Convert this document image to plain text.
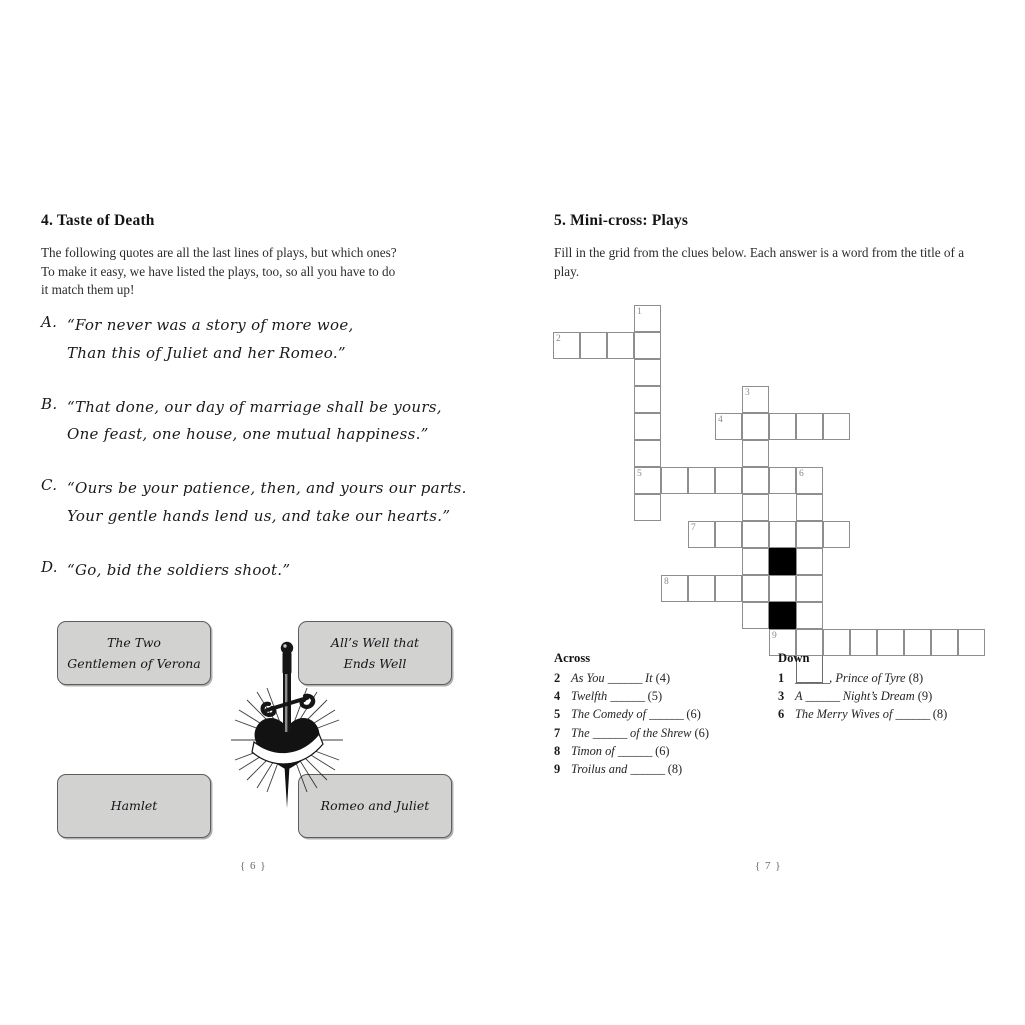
4. Taste of Death

The following quotes are all the last lines of plays, but which ones? To make it easy, we have listed the plays, too, so all you have to do it match them up!

A. “For never was a story of more woe,
Than this of Juliet and her Romeo.”
B. “That done, our day of marriage shall be yours,
One feast, one house, one mutual happiness.”
C. “Ours be your patience, then, and yours our parts.
Your gentle hands lend us, and take our hearts.”
D. “Go, bid the soldiers shoot.”
The Two
Gentlemen of Verona
All’s Well that
Ends Well
Hamlet	Romeo and Juliet
{ 6 }
5. Mini-cross: Plays

Fill in the grid from the clues below. Each answer is a word from the title of a play.

1
2
3
4
5	6
7
8
9
Across
2 As You ______ It (4)
4 Twelfth ______ (5)
5 The Comedy of ______ (6)
7 The ______ of the Shrew (6)
8 Timon of ______ (6)
9 Troilus and ______ (8)
Down
1 ______, Prince of Tyre (8)
3 A ______ Night’s Dream (9)
6 The Merry Wives of ______ (8)
{ 7 }
